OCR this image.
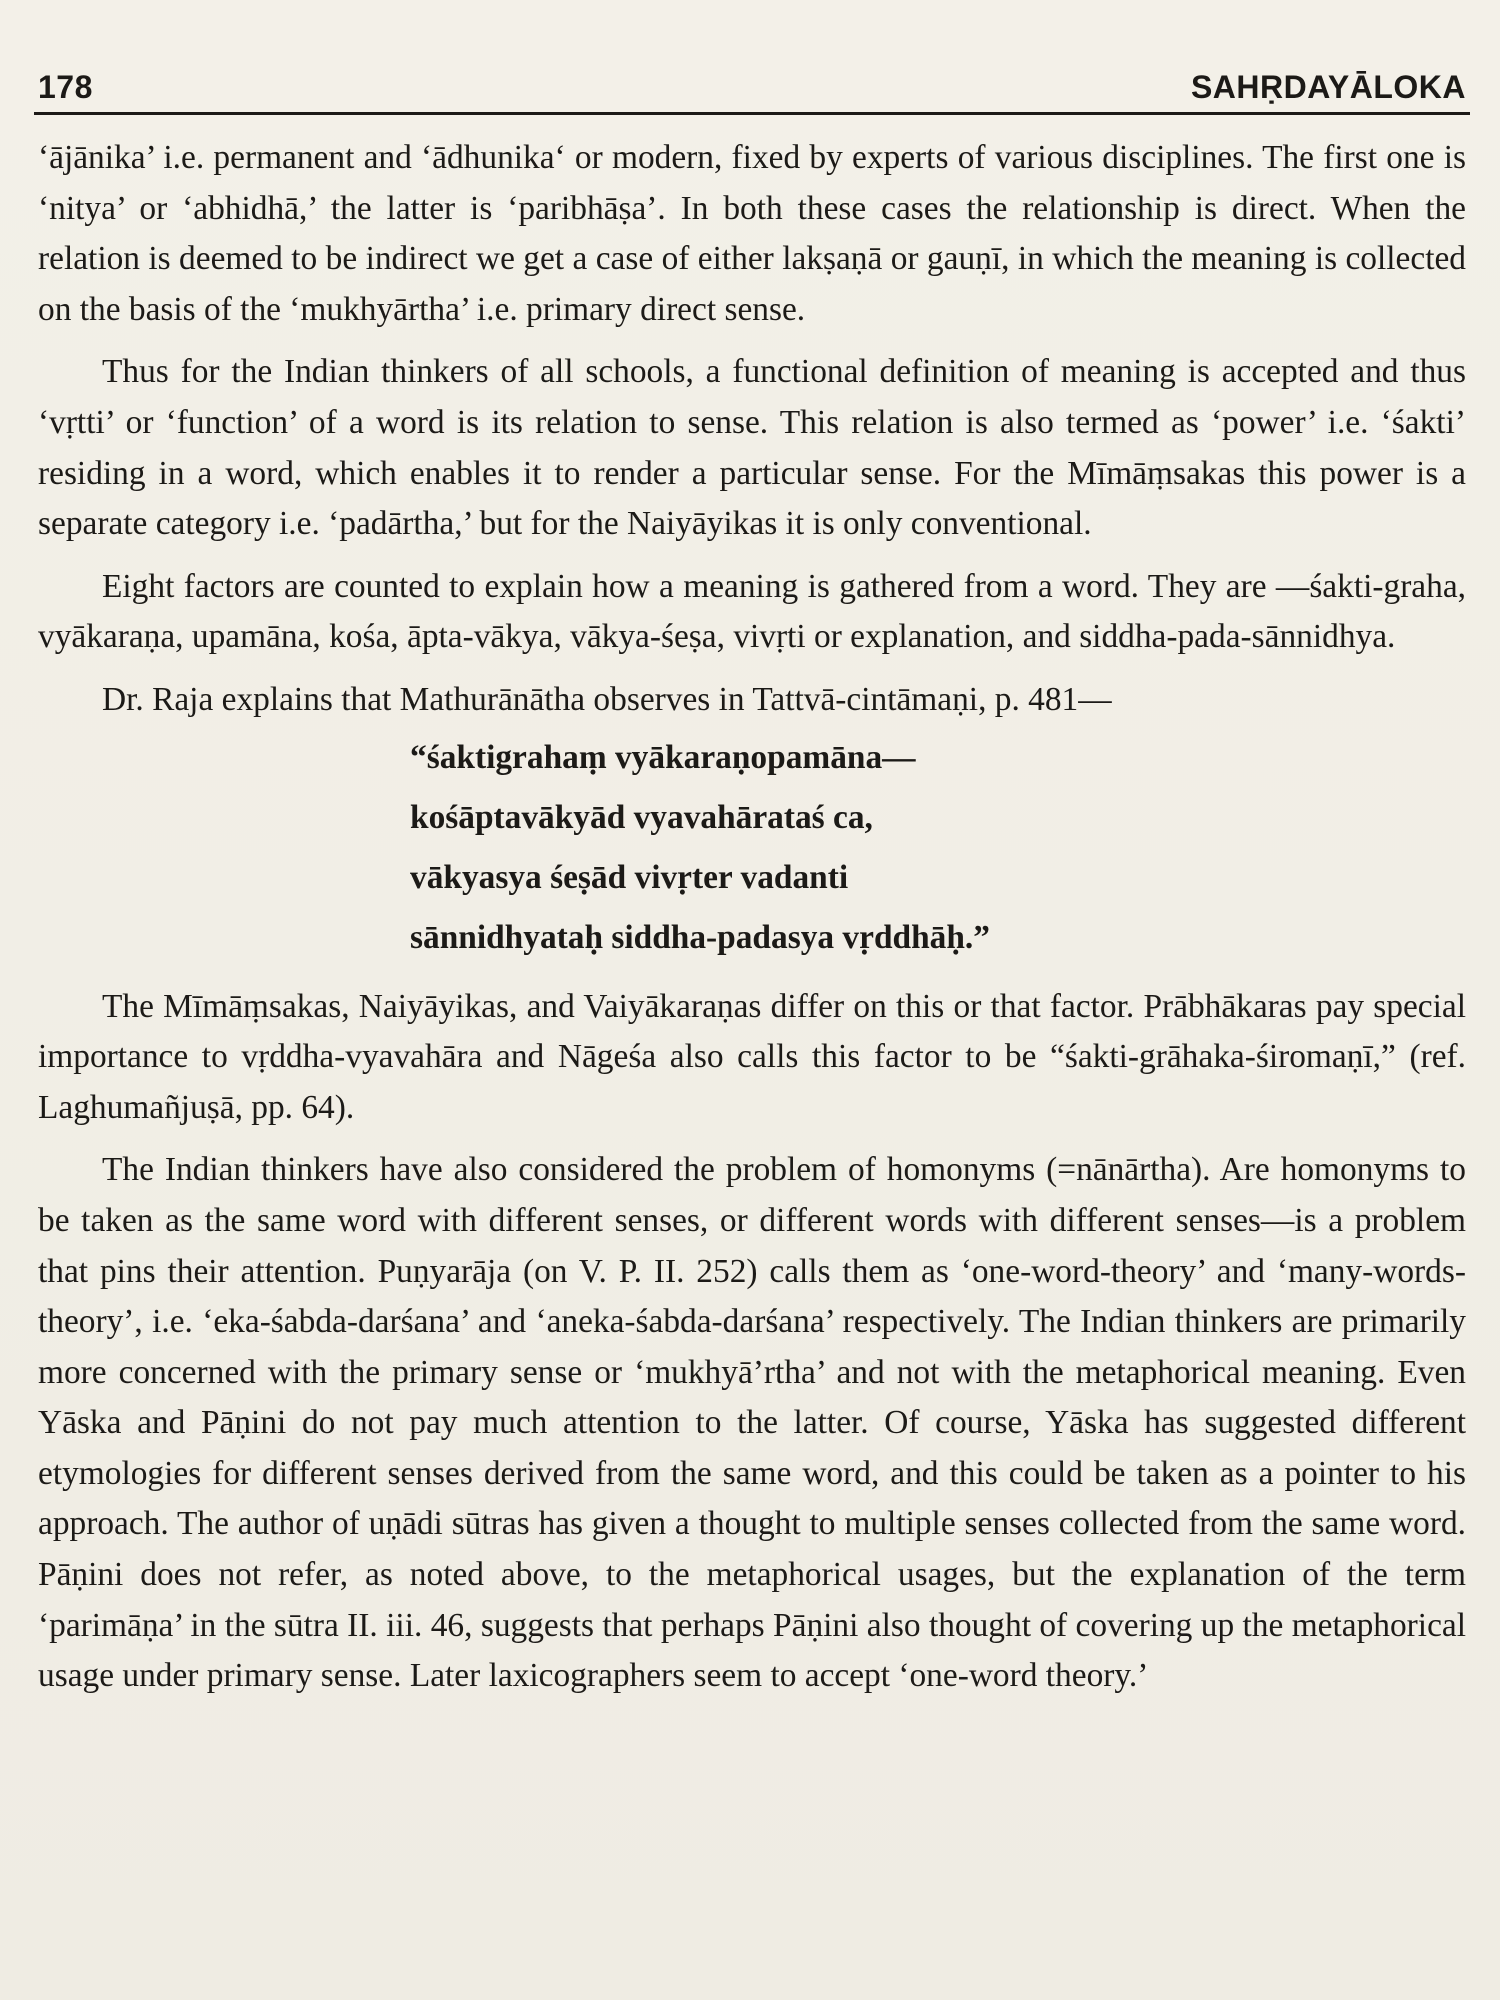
178	SAHṚDAYĀLOKA

‘ājānika’ i.e. permanent and ‘ādhunika‘ or modern, fixed by experts of various disciplines. The first one is ‘nitya’ or ‘abhidhā,’ the latter is ‘paribhāṣa’. In both these cases the relationship is direct. When the relation is deemed to be indirect we get a case of either lakṣaṇā or gauṇī, in which the meaning is collected on the basis of the ‘mukhyārtha’ i.e. primary direct sense.

Thus for the Indian thinkers of all schools, a functional definition of meaning is accepted and thus ‘vṛtti’ or ‘function’ of a word is its relation to sense. This relation is also termed as ‘power’ i.e. ‘śakti’ residing in a word, which enables it to render a particular sense. For the Mīmāṃsakas this power is a separate category i.e. ‘padārtha,’ but for the Naiyāyikas it is only conventional.

Eight factors are counted to explain how a meaning is gathered from a word. They are —śakti-graha, vyākaraṇa, upamāna, kośa, āpta-vākya, vākya-śeṣa, vivṛti or explanation, and siddha-pada-sānnidhya.

Dr. Raja explains that Mathurānātha observes in Tattvā-cintāmaṇi, p. 481—

“śaktigrahaṃ vyākaraṇopamāna—
kośāptavākyād vyavahārataś ca,
vākyasya śeṣād vivṛter vadanti
sānnidhyataḥ siddha-padasya vṛddhāḥ.”

The Mīmāṃsakas, Naiyāyikas, and Vaiyākaraṇas differ on this or that factor. Prābhākaras pay special importance to vṛddha-vyavahāra and Nāgeśa also calls this factor to be “śakti-grāhaka-śiromaṇī,” (ref. Laghumañjuṣā, pp. 64).

The Indian thinkers have also considered the problem of homonyms (=nānārtha). Are homonyms to be taken as the same word with different senses, or different words with different senses—is a problem that pins their attention. Puṇyarāja (on V. P. II. 252) calls them as ‘one-word-theory’ and ‘many-words-theory’, i.e. ‘eka-śabda-darśana’ and ‘aneka-śabda-darśana’ respectively. The Indian thinkers are primarily more concerned with the primary sense or ‘mukhyā’rtha’ and not with the metaphorical meaning. Even Yāska and Pāṇini do not pay much attention to the latter. Of course, Yāska has suggested different etymologies for different senses derived from the same word, and this could be taken as a pointer to his approach. The author of uṇādi sūtras has given a thought to multiple senses collected from the same word. Pāṇini does not refer, as noted above, to the metaphorical usages, but the explanation of the term ‘parimāṇa’ in the sūtra II. iii. 46, suggests that perhaps Pāṇini also thought of covering up the metaphorical usage under primary sense. Later laxicographers seem to accept ‘one-word theory.’
